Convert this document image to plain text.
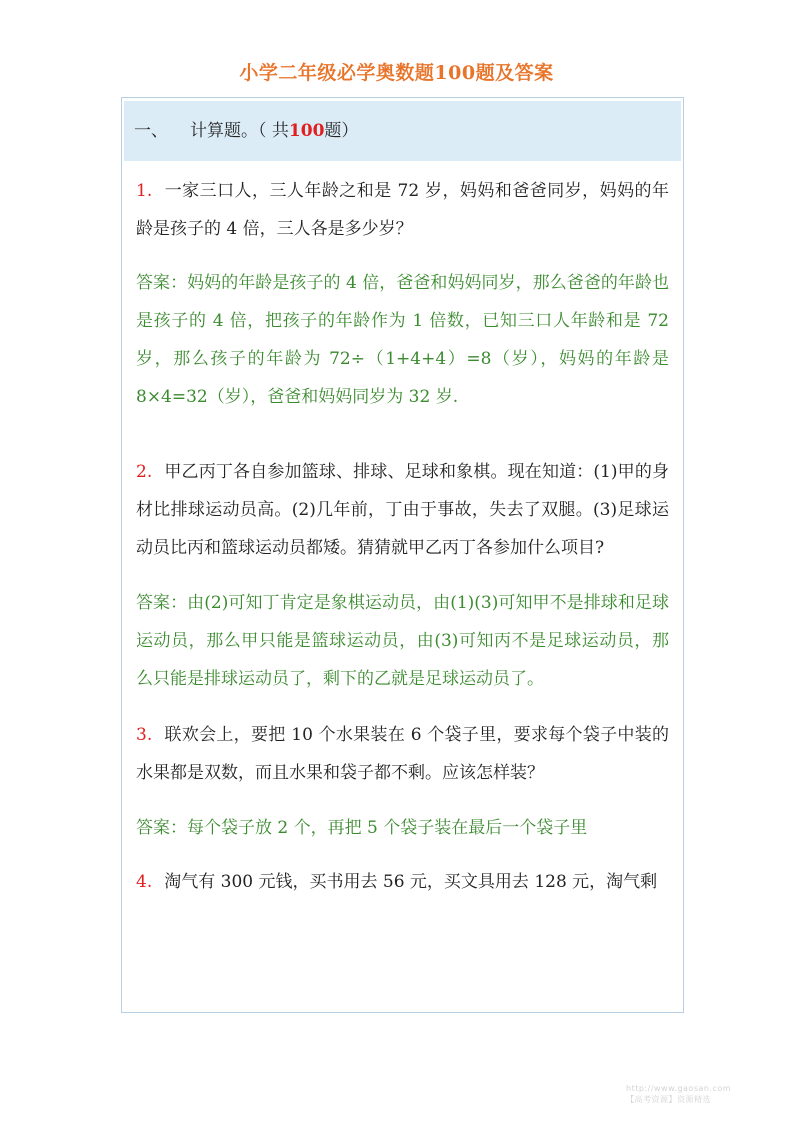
小学二年级必学奥数题100题及答案
一、 计算题。（ 共100题）
1. 一家三口人，三人年龄之和是 72 岁，妈妈和爸爸同岁，妈妈的年龄是孩子的 4 倍，三人各是多少岁？
答案：妈妈的年龄是孩子的 4 倍，爸爸和妈妈同岁，那么爸爸的年龄也是孩子的 4 倍，把孩子的年龄作为 1 倍数，已知三口人年龄和是 72 岁，那么孩子的年龄为 72÷（1+4+4）=8（岁），妈妈的年龄是 8×4=32（岁），爸爸和妈妈同岁为 32 岁.
2. 甲乙丙丁各自参加篮球、排球、足球和象棋。现在知道：(1)甲的身材比排球运动员高。(2)几年前，丁由于事故，失去了双腿。(3)足球运动员比丙和篮球运动员都矮。猜猜就甲乙丙丁各参加什么项目?
答案：由(2)可知丁肯定是象棋运动员，由(1)(3)可知甲不是排球和足球运动员，那么甲只能是篮球运动员，由(3)可知丙不是足球运动员，那么只能是排球运动员了，剩下的乙就是足球运动员了。
3. 联欢会上，要把 10 个水果装在 6 个袋子里，要求每个袋子中装的水果都是双数，而且水果和袋子都不剩。应该怎样装？
答案：每个袋子放 2 个，再把 5 个袋子装在最后一个袋子里
4. 淘气有 300 元钱，买书用去 56 元，买文具用去 128 元，淘气剩
http://www.gaosan.com
【高考资源】资源精选
